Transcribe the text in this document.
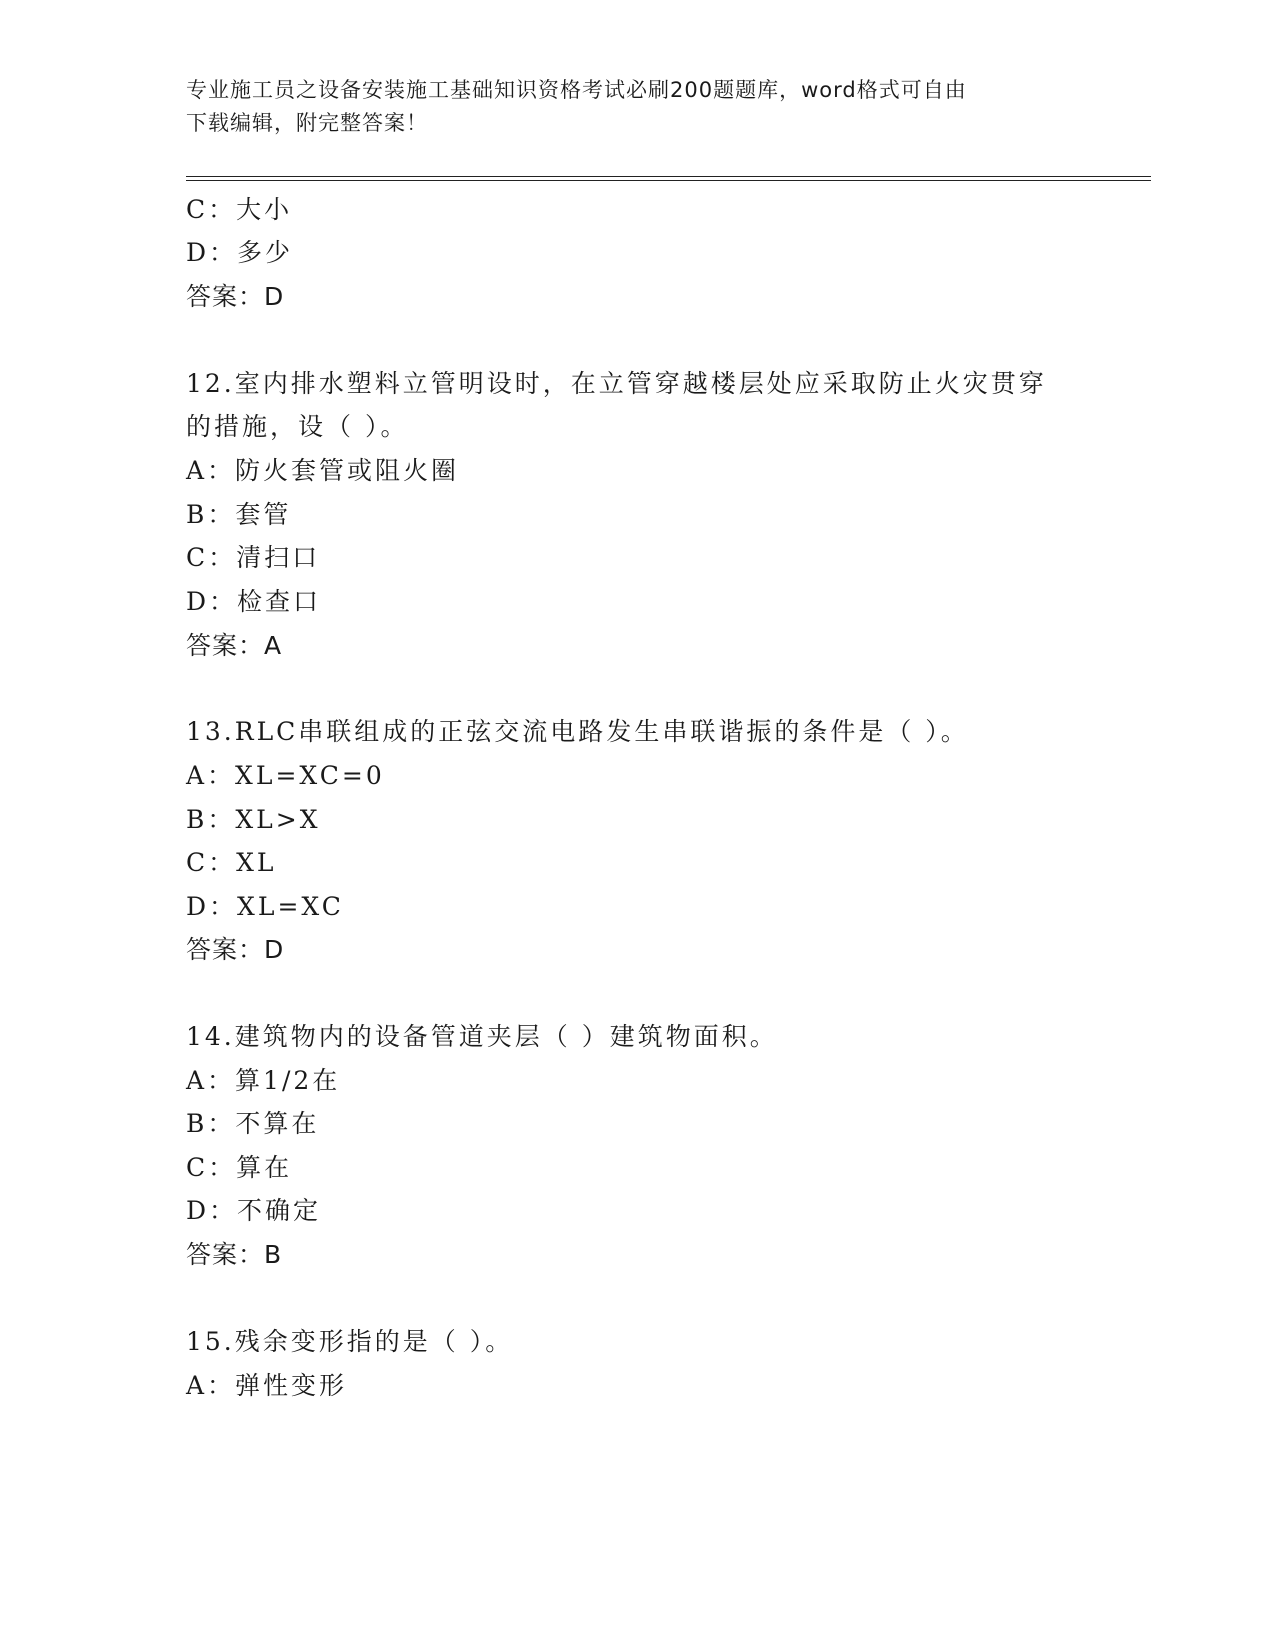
专业施工员之设备安装施工基础知识资格考试必刷200题题库，word格式可自由
下载编辑，附完整答案！
C：大小
D：多少
答案：D
12.室内排水塑料立管明设时，在立管穿越楼层处应采取防止火灾贯穿
的措施，设（ ）。
A：防火套管或阻火圈
B：套管
C：清扫口
D：检查口
答案：A
13.RLC串联组成的正弦交流电路发生串联谐振的条件是（ ）。
A：XL=XC=0
B：XL>X
C：XL
D：XL=XC
答案：D
14.建筑物内的设备管道夹层（ ）建筑物面积。
A：算1/2在
B：不算在
C：算在
D：不确定
答案：B
15.残余变形指的是（ ）。
A：弹性变形
